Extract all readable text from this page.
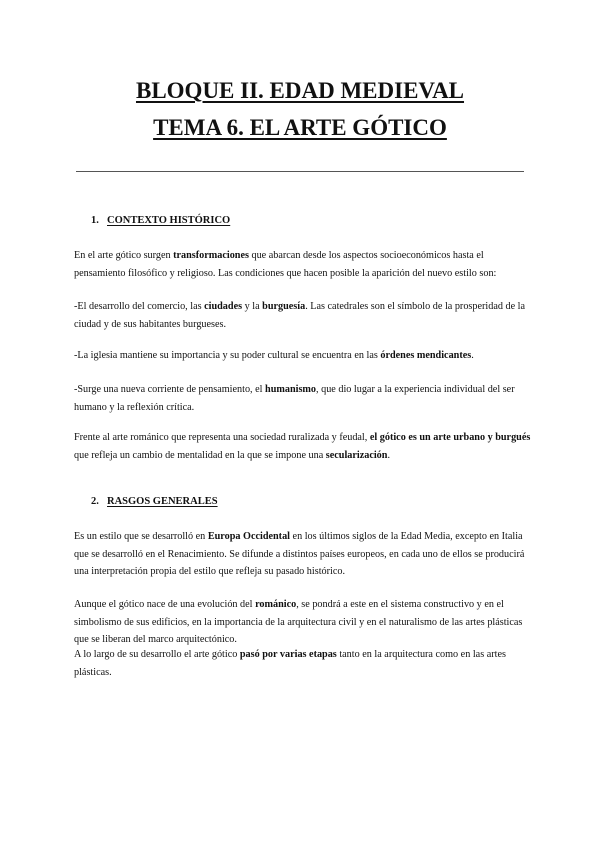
BLOQUE II. EDAD MEDIEVAL
TEMA 6. EL ARTE GÓTICO
1. CONTEXTO HISTÓRICO

En el arte gótico surgen transformaciones que abarcan desde los aspectos socioeconómicos hasta el pensamiento filosófico y religioso. Las condiciones que hacen posible la aparición del nuevo estilo son:

-El desarrollo del comercio, las ciudades y la burguesía. Las catedrales son el símbolo de la prosperidad de la ciudad y de sus habitantes burgueses.

-La iglesia mantiene su importancia y su poder cultural se encuentra en las órdenes mendicantes.

-Surge una nueva corriente de pensamiento, el humanismo, que dio lugar a la experiencia individual del ser humano y la reflexión crítica.

Frente al arte románico que representa una sociedad ruralizada y feudal, el gótico es un arte urbano y burgués que refleja un cambio de mentalidad en la que se impone una secularización.

2. RASGOS GENERALES

Es un estilo que se desarrolló en Europa Occidental en los últimos siglos de la Edad Media, excepto en Italia que se desarrolló en el Renacimiento. Se difunde a distintos países europeos, en cada uno de ellos se producirá una interpretación propia del estilo que refleja su pasado histórico.

Aunque el gótico nace de una evolución del románico, se pondrá a este en el sistema constructivo y en el simbolismo de sus edificios, en la importancia de la arquitectura civil y en el naturalismo de las artes plásticas que se liberan del marco arquitectónico.

A lo largo de su desarrollo el arte gótico pasó por varias etapas tanto en la arquitectura como en las artes plásticas.
